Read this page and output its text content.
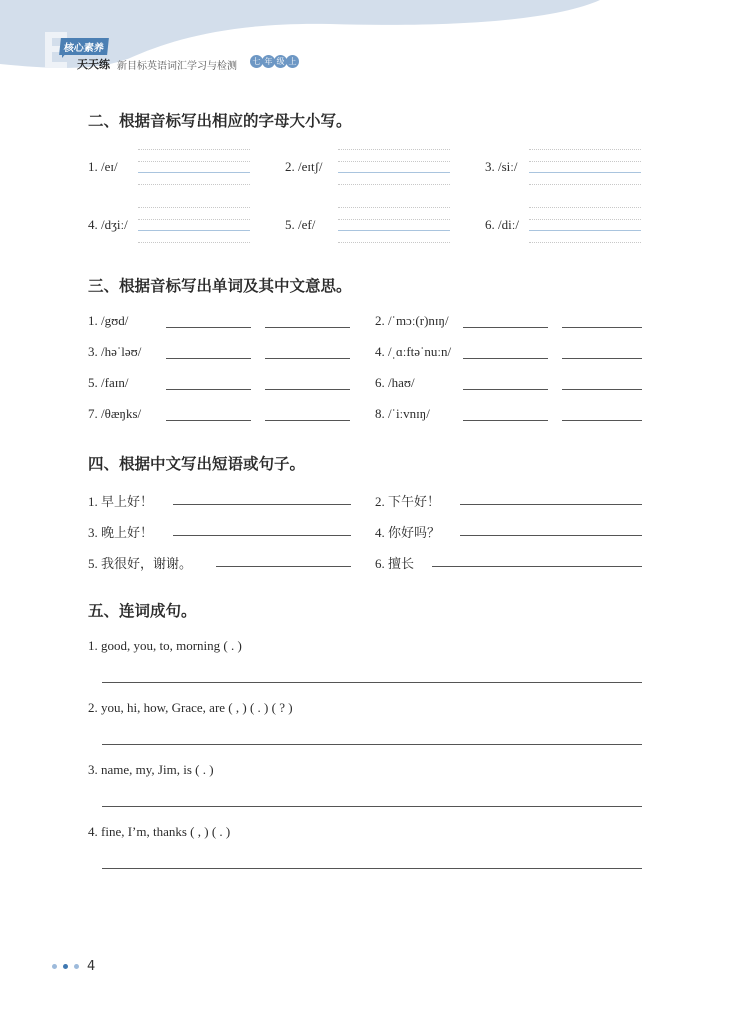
核心素养
天天练 新目标英语词汇学习与检测	七 年 级 上
二、根据音标写出相应的字母大小写。
1. /eɪ/	2. /eɪtʃ/	3. /siː/
4. /dʒiː/	5. /ef/	6. /diː/
三、根据音标写出单词及其中文意思。
1. /gʊd/	2. /ˈmɔː(r)nɪŋ/
3. /həˈləʊ/	4. /ˌɑːftəˈnuːn/
5. /faɪn/	6. /haʊ/
7. /θæŋks/	8. /ˈiːvnɪŋ/
四、根据中文写出短语或句子。
1. 早上好！	2. 下午好！
3. 晚上好！	4. 你好吗？
5. 我很好，谢谢。	6. 擅长
五、连词成句。
1. good, you, to, morning ( . )
2. you, hi, how, Grace, are ( , ) ( . ) ( ? )
3. name, my, Jim, is ( . )
4. fine, I’m, thanks ( , ) ( . )
4
